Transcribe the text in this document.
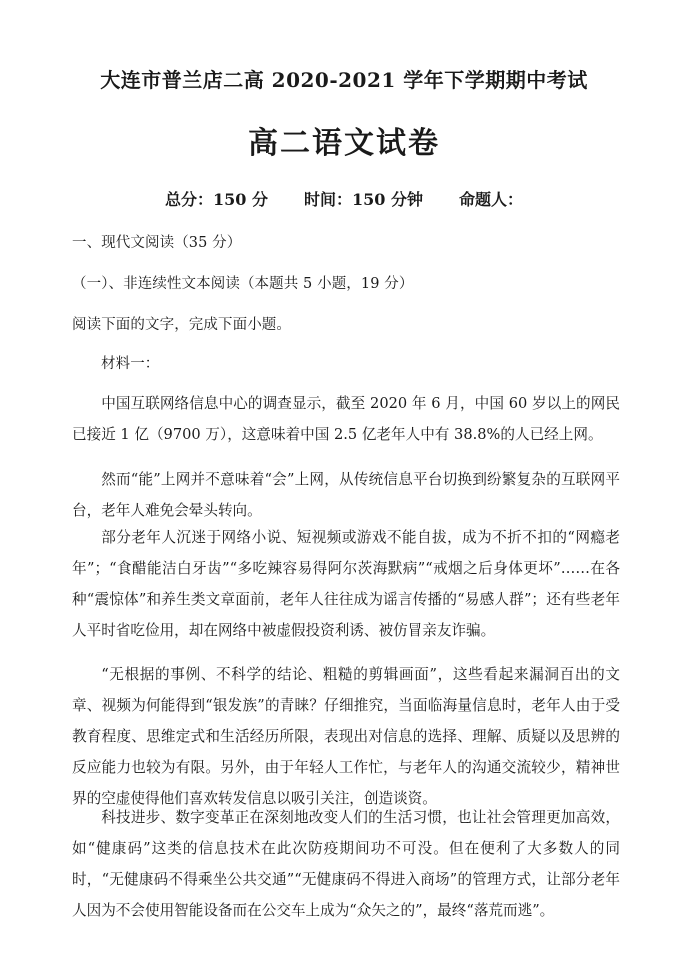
大连市普兰店二高 2020-2021 学年下学期期中考试
高二语文试卷
总分：150 分 时间：150 分钟 命题人：
一、现代文阅读（35 分）
（一）、非连续性文本阅读（本题共 5 小题，19 分）
阅读下面的文字，完成下面小题。
材料一：
中国互联网络信息中心的调查显示，截至 2020 年 6 月，中国 60 岁以上的网民已接近 1 亿（9700 万），这意味着中国 2.5 亿老年人中有 38.8%的人已经上网。
然而“能”上网并不意味着“会”上网，从传统信息平台切换到纷繁复杂的互联网平台，老年人难免会晕头转向。
部分老年人沉迷于网络小说、短视频或游戏不能自拔，成为不折不扣的“网瘾老年”；“食醋能洁白牙齿”“多吃辣容易得阿尔茨海默病”“戒烟之后身体更坏”……在各种“震惊体”和养生类文章面前，老年人往往成为谣言传播的“易感人群”；还有些老年人平时省吃俭用，却在网络中被虚假投资利诱、被仿冒亲友诈骗。
“无根据的事例、不科学的结论、粗糙的剪辑画面”，这些看起来漏洞百出的文章、视频为何能得到“银发族”的青睐？仔细推究，当面临海量信息时，老年人由于受教育程度、思维定式和生活经历所限，表现出对信息的选择、理解、质疑以及思辨的反应能力也较为有限。另外，由于年轻人工作忙，与老年人的沟通交流较少，精神世界的空虚使得他们喜欢转发信息以吸引关注，创造谈资。
科技进步、数字变革正在深刻地改变人们的生活习惯，也让社会管理更加高效，如“健康码”这类的信息技术在此次防疫期间功不可没。但在便利了大多数人的同时，“无健康码不得乘坐公共交通”“无健康码不得进入商场”的管理方式，让部分老年人因为不会使用智能设备而在公交车上成为“众矢之的”，最终“落荒而逃”。
